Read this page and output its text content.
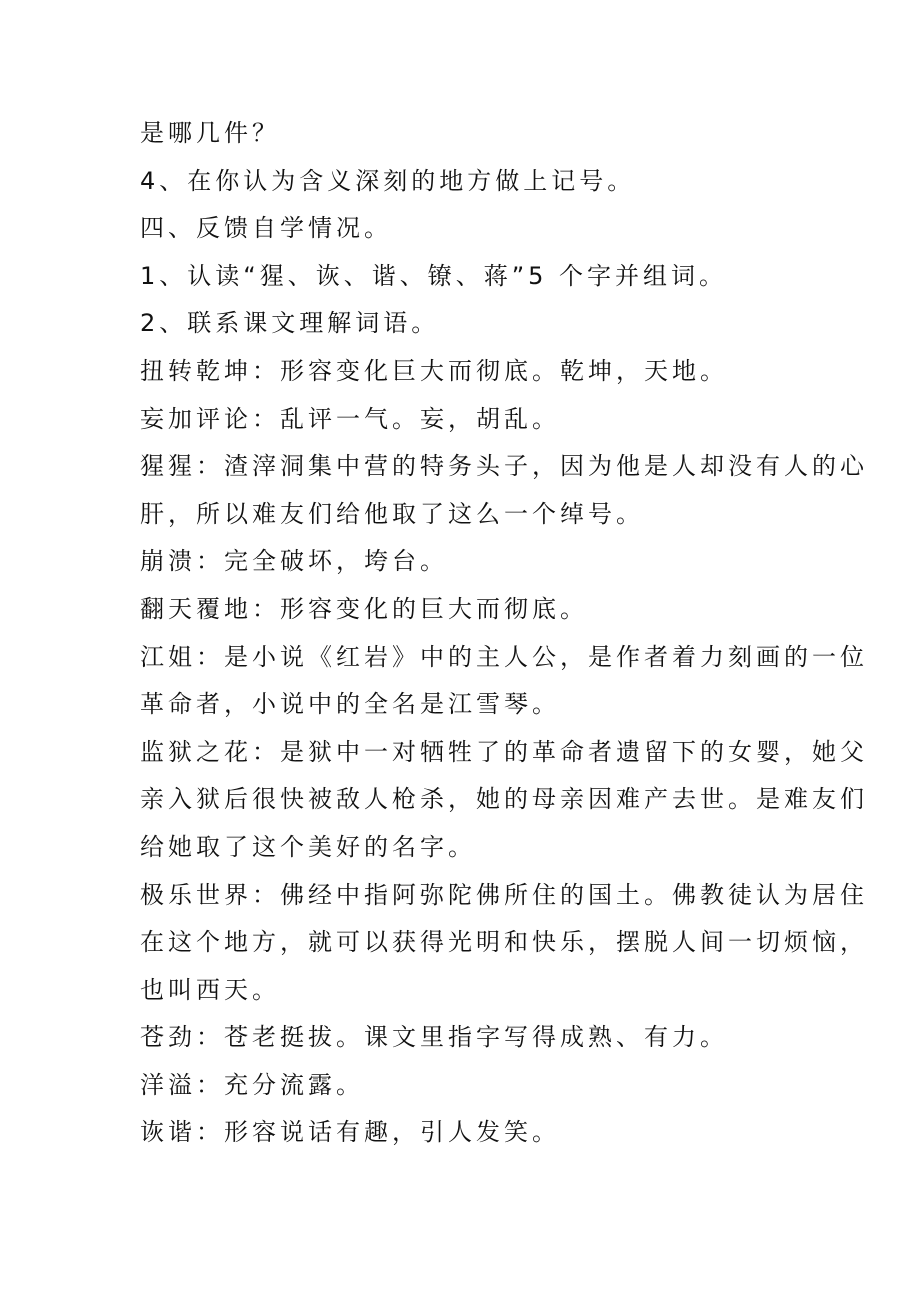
是哪几件？

4、在你认为含义深刻的地方做上记号。

四、反馈自学情况。

1、认读“猩、诙、谐、镣、蒋”5 个字并组词。

2、联系课文理解词语。

扭转乾坤：形容变化巨大而彻底。乾坤，天地。

妄加评论：乱评一气。妄，胡乱。

猩猩：渣滓洞集中营的特务头子，因为他是人却没有人的心

肝，所以难友们给他取了这么一个绰号。

崩溃：完全破坏，垮台。

翻天覆地：形容变化的巨大而彻底。

江姐：是小说《红岩》中的主人公，是作者着力刻画的一位

革命者，小说中的全名是江雪琴。

监狱之花：是狱中一对牺牲了的革命者遗留下的女婴，她父

亲入狱后很快被敌人枪杀，她的母亲因难产去世。是难友们

给她取了这个美好的名字。

极乐世界：佛经中指阿弥陀佛所住的国土。佛教徒认为居住

在这个地方，就可以获得光明和快乐，摆脱人间一切烦恼，

也叫西天。

苍劲：苍老挺拔。课文里指字写得成熟、有力。

洋溢：充分流露。

诙谐：形容说话有趣，引人发笑。
